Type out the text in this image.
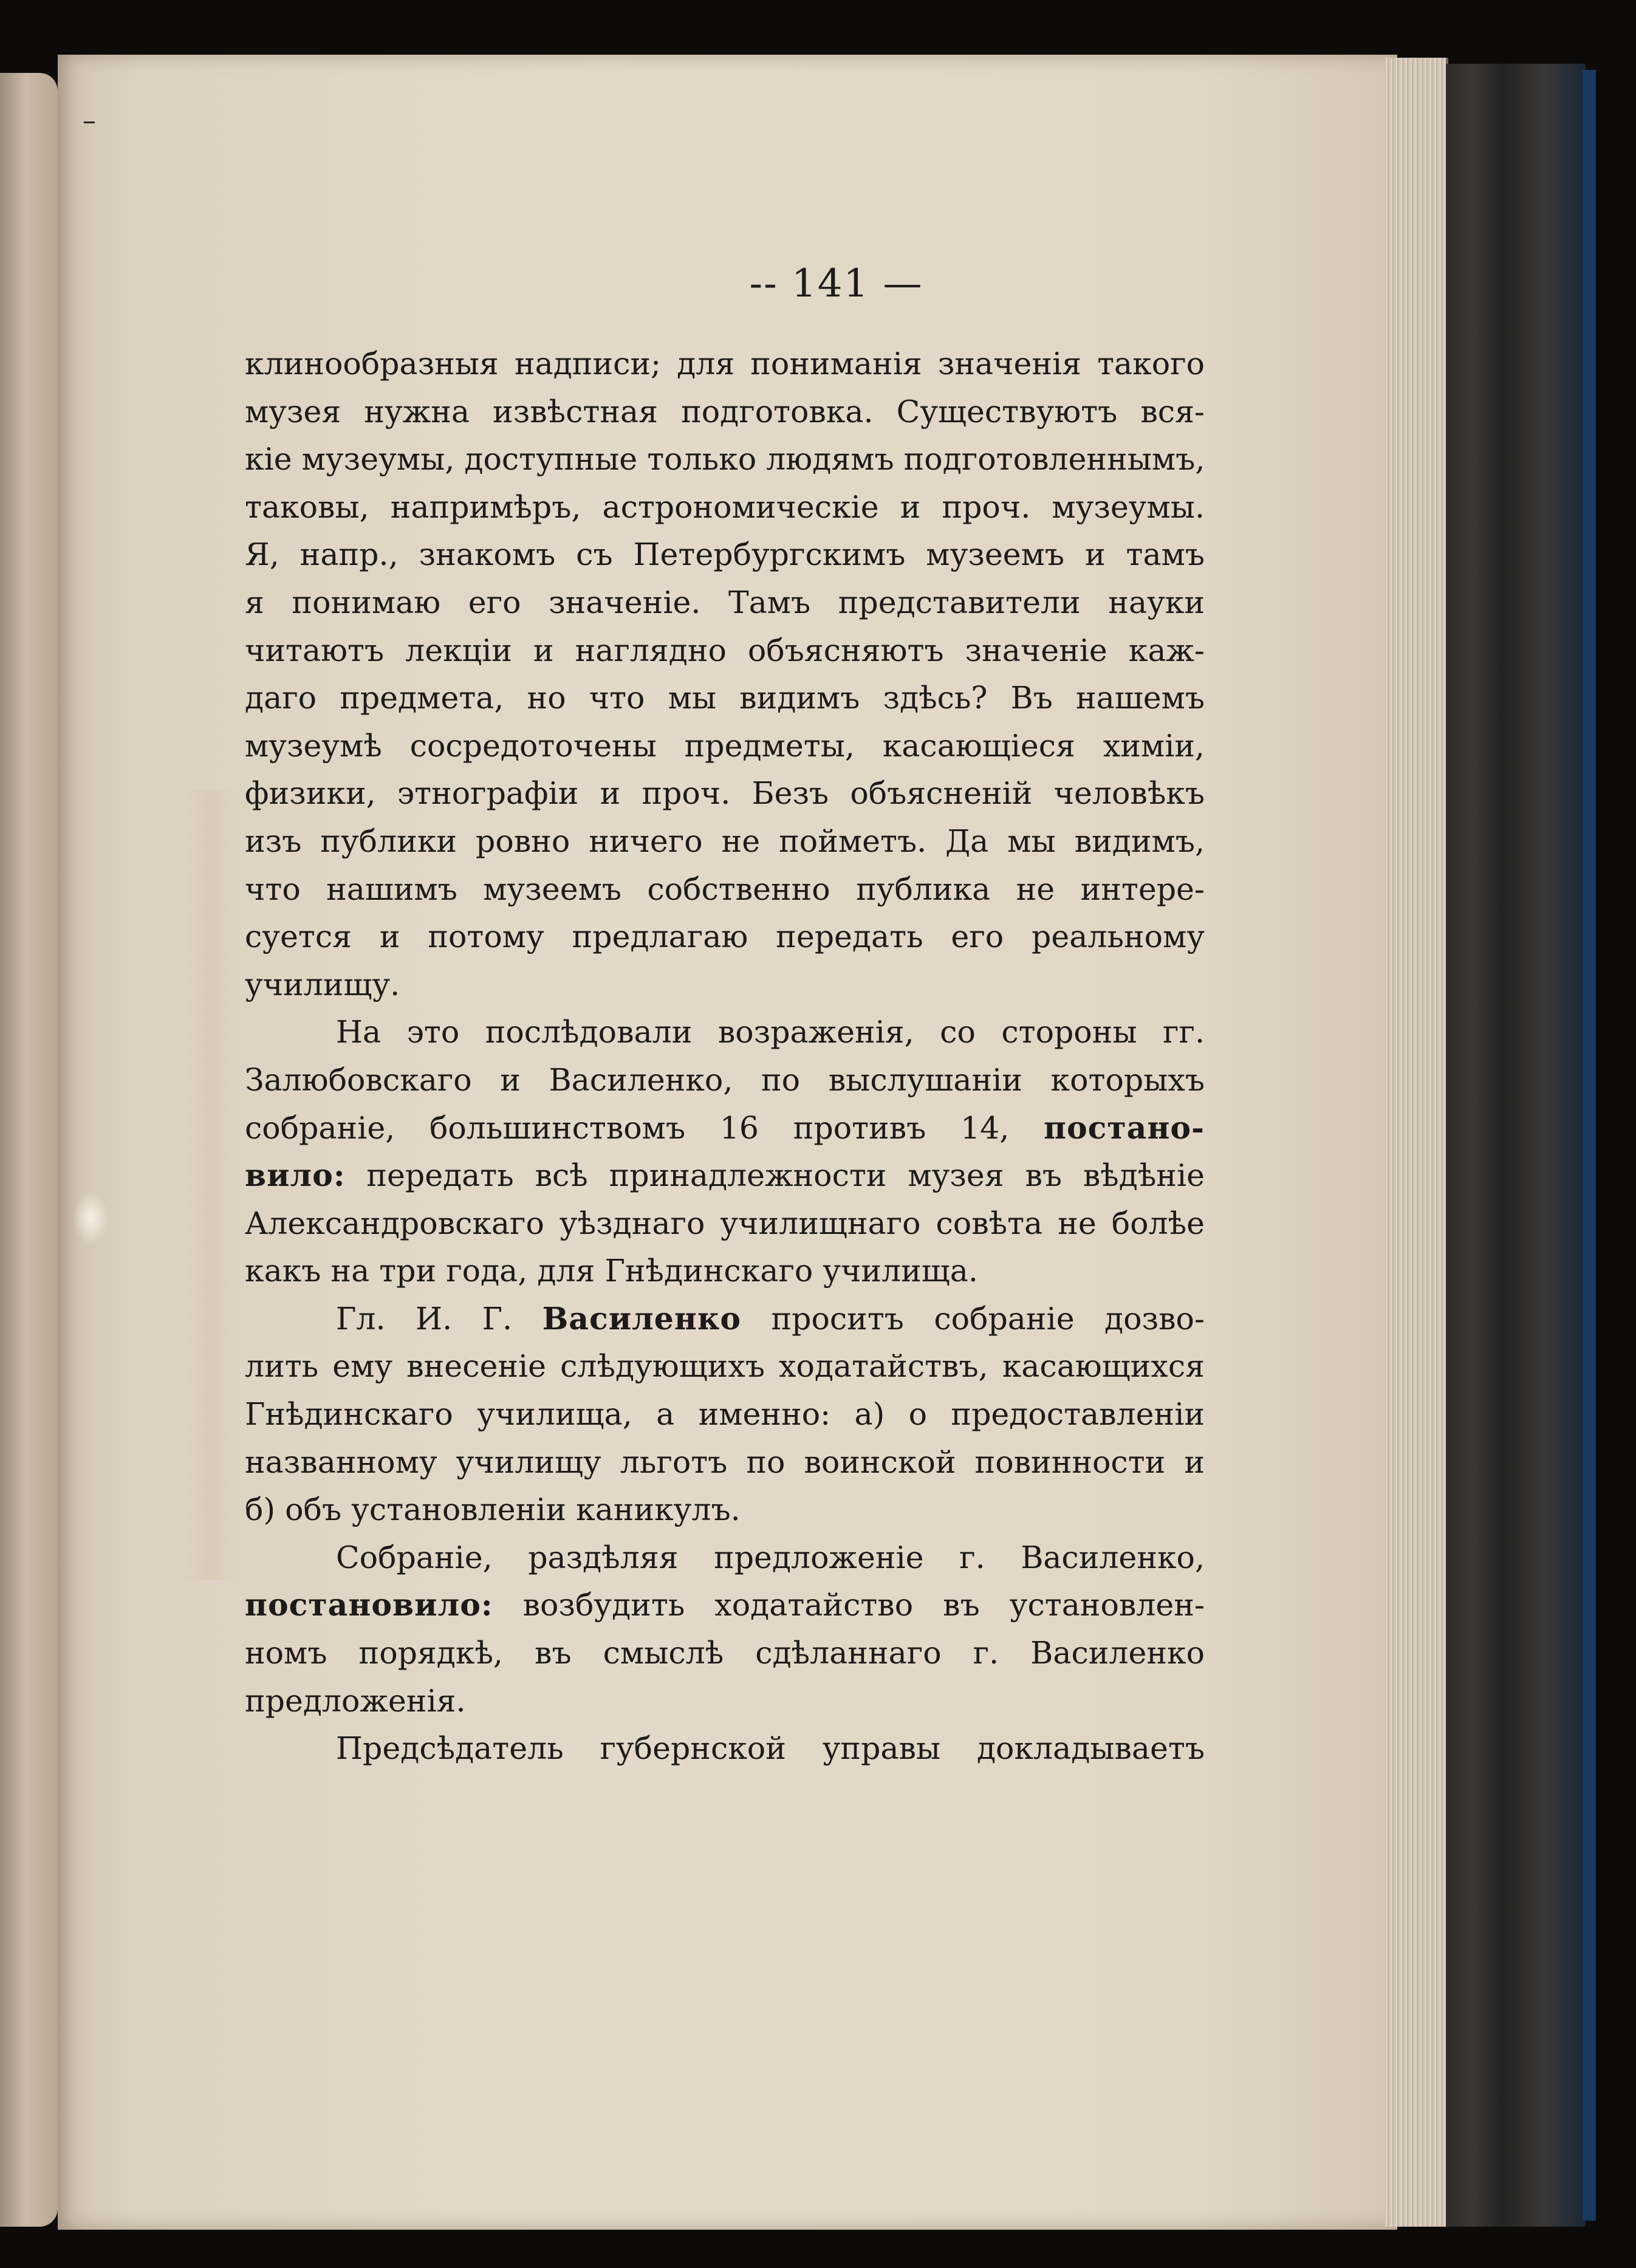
-- 141 —
клинообразныя надписи; для пониманія значенія такого
музея нужна извѣстная подготовка. Существуютъ вся-
кіе музеумы, доступные только людямъ подготовленнымъ,
таковы, напримѣръ, астрономическіе и проч. музеумы.
Я, напр., знакомъ съ Петербургскимъ музеемъ и тамъ
я понимаю его значеніе. Тамъ представители науки
читаютъ лекціи и наглядно объясняютъ значеніе каж-
даго предмета, но что мы видимъ здѣсь? Въ нашемъ
музеумѣ сосредоточены предметы, касающіеся химіи,
физики, этнографіи и проч. Безъ объясненій человѣкъ
изъ публики ровно ничего не пойметъ. Да мы видимъ,
что нашимъ музеемъ собственно публика не интере-
суется и потому предлагаю передать его реальному
училищу.
На это послѣдовали возраженія, со стороны гг.
Залюбовскаго и Василенко, по выслушаніи которыхъ
собраніе, большинствомъ 16 противъ 14, постано-
вило: передать всѣ принадлежности музея въ вѣдѣніе
Александровскаго уѣзднаго училищнаго совѣта не болѣе
какъ на три года, для Гнѣдинскаго училища.
Гл. И. Г. Василенко проситъ собраніе дозво-
лить ему внесеніе слѣдующихъ ходатайствъ, касающихся
Гнѣдинскаго училища, а именно: а) о предоставленіи
названному училищу льготъ по воинской повинности и
б) объ установленіи каникулъ.
Собраніе, раздѣляя предложеніе г. Василенко,
постановило: возбудить ходатайство въ установлен-
номъ порядкѣ, въ смыслѣ сдѣланнаго г. Василенко
предложенія.
Предсѣдатель губернской управы докладываетъ
